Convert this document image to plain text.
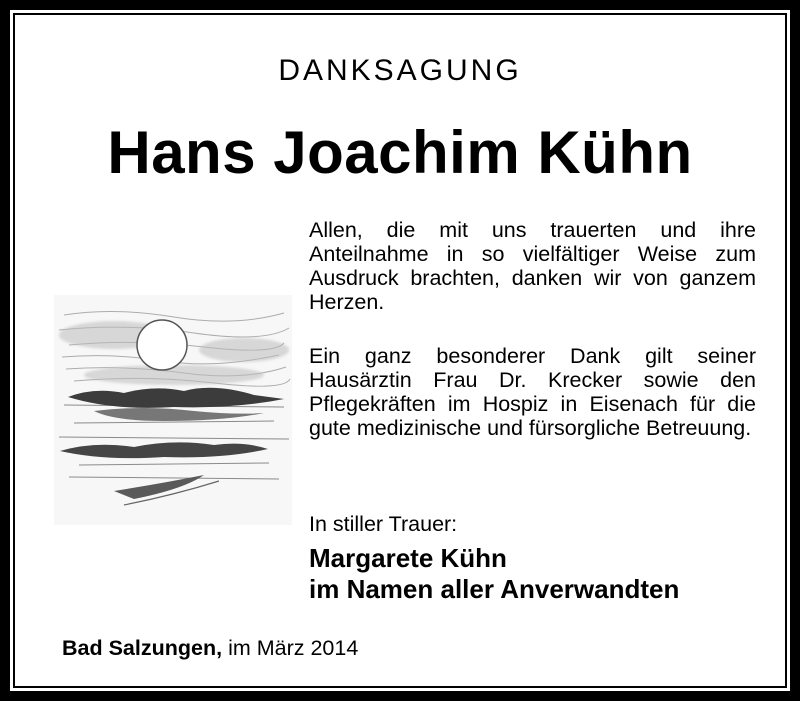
DANKSAGUNG
Hans Joachim Kühn

Allen, die mit uns trauerten und ihre Anteilnahme in so vielfältiger Weise zum Ausdruck brachten, danken wir von ganzem Herzen.

Ein ganz besonderer Dank gilt seiner Hausärztin Frau Dr. Krecker sowie den Pflegekräften im Hospiz in Eisenach für die gute medizinische und fürsorgliche Betreuung.

In stiller Trauer:
Margarete Kühn
im Namen aller Anverwandten
Bad Salzungen, im März 2014
